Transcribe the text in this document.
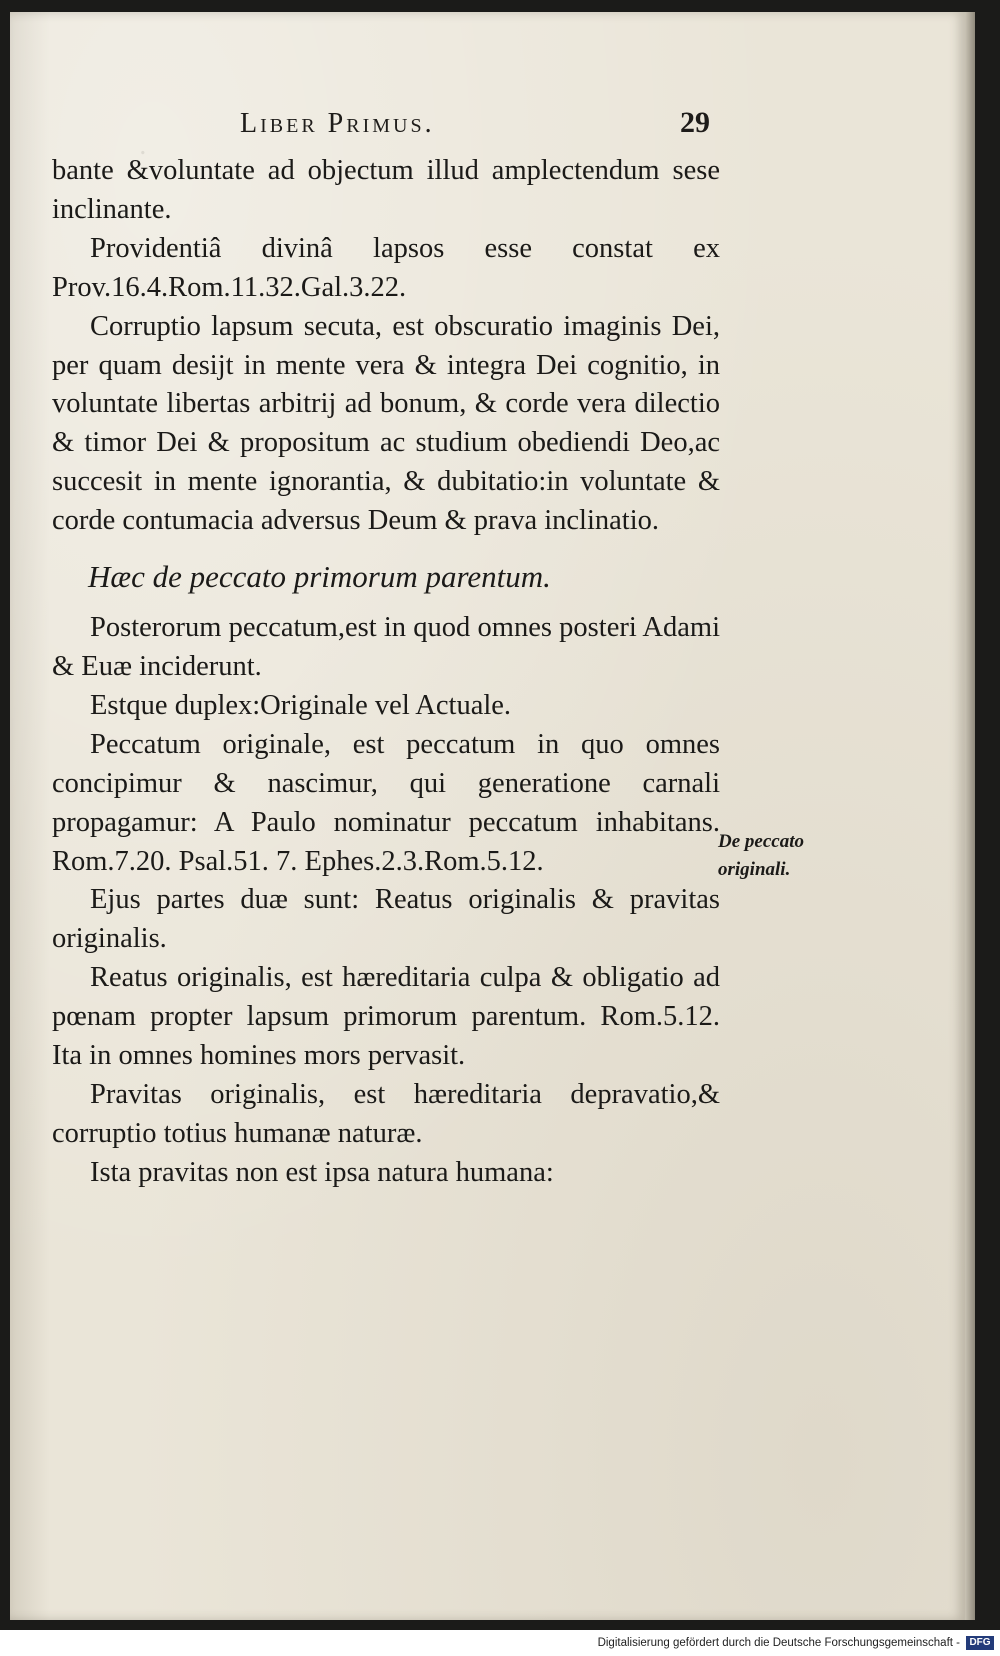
.
Liber Primus.	29

bante &voluntate ad objectum illud amplectendum sese inclinante.

Providentiâ divinâ lapsos esse constat ex Prov.16.4.Rom.11.32.Gal.3.22.

Corruptio lapsum secuta, est obscuratio imaginis Dei, per quam desijt in mente vera & integra Dei cognitio, in voluntate libertas arbitrij ad bonum, & corde vera dilectio & timor Dei & propositum ac studium obediendi Deo,ac succesit in mente ignorantia, & dubitatio:in voluntate & corde contumacia adversus Deum & prava inclinatio.

Hæc de peccato primorum parentum.

Posterorum peccatum,est in quod omnes posteri Adami & Euæ inciderunt.

Estque duplex:Originale vel Actuale.

Peccatum originale, est peccatum in quo omnes concipimur & nascimur, qui generatione carnali propagamur: A Paulo nominatur peccatum inhabitans. Rom.7.20. Psal.51. 7. Ephes.2.3.Rom.5.12.

Ejus partes duæ sunt: Reatus originalis & pravitas originalis.

Reatus originalis, est hæreditaria culpa & obligatio ad pœnam propter lapsum primorum parentum. Rom.5.12. Ita in omnes homines mors pervasit.

Pravitas originalis, est hæreditaria depravatio,& corruptio totius humanæ naturæ.

Ista pravitas non est ipsa natura humana:

De peccato
originali.
Digitalisierung gefördert durch die Deutsche Forschungsgemeinschaft - DFG
